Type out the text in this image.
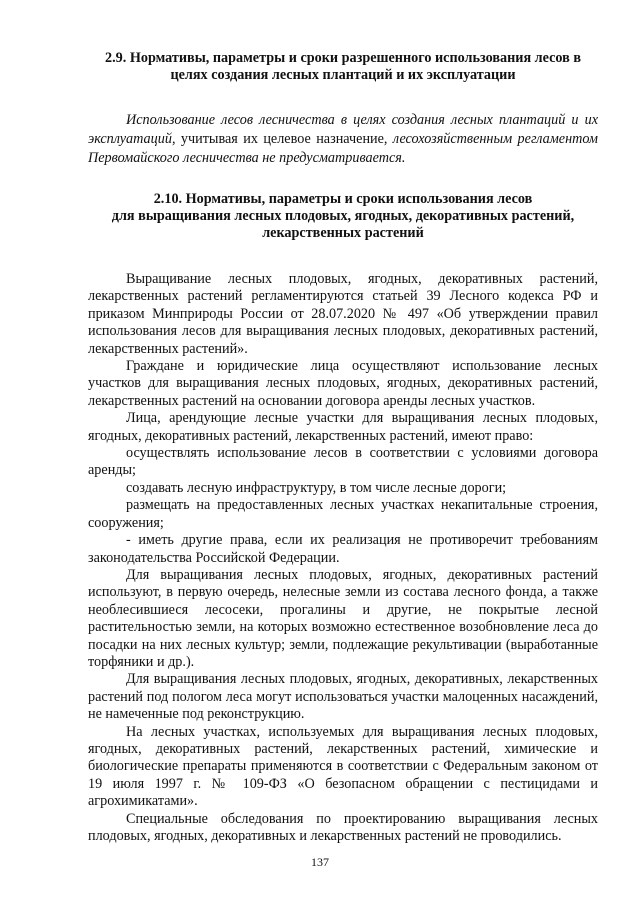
2.9. Нормативы, параметры и сроки разрешенного использования лесов в
целях создания лесных плантаций и их эксплуатации

Использование лесов лесничества в целях создания лесных плантаций и их эксплуатаций, учитывая их целевое назначение, лесохозяйственным регламентом Первомайского лесничества не предусматривается.

2.10. Нормативы, параметры и сроки использования лесов
для выращивания лесных плодовых, ягодных, декоративных растений,
лекарственных растений

Выращивание лесных плодовых, ягодных, декоративных растений, лекарственных растений регламентируются статьей 39 Лесного кодекса РФ и приказом Минприроды России от 28.07.2020 № 497 «Об утверждении правил использования лесов для выращивания лесных плодовых, декоративных растений, лекарственных растений».

Граждане и юридические лица осуществляют использование лесных участков для выращивания лесных плодовых, ягодных, декоративных растений, лекарственных растений на основании договора аренды лесных участков.

Лица, арендующие лесные участки для выращивания лесных плодовых, ягодных, декоративных растений, лекарственных растений, имеют право:

осуществлять использование лесов в соответствии с условиями договора аренды;

создавать лесную инфраструктуру, в том числе лесные дороги;

размещать на предоставленных лесных участках некапитальные строения, сооружения;

- иметь другие права, если их реализация не противоречит требованиям законодательства Российской Федерации.

Для выращивания лесных плодовых, ягодных, декоративных растений используют, в первую очередь, нелесные земли из состава лесного фонда, а также необлесившиеся лесосеки, прогалины и другие, не покрытые лесной растительностью земли, на которых возможно естественное возобновление леса до посадки на них лесных культур; земли, подлежащие рекультивации (выработанные торфяники и др.).

Для выращивания лесных плодовых, ягодных, декоративных, лекарственных растений под пологом леса могут использоваться участки малоценных насаждений, не намеченные под реконструкцию.

На лесных участках, используемых для выращивания лесных плодовых, ягодных, декоративных растений, лекарственных растений, химические и биологические препараты применяются в соответствии с Федеральным законом от 19 июля 1997 г. № 109-ФЗ «О безопасном обращении с пестицидами и агрохимикатами».

Специальные обследования по проектированию выращивания лесных плодовых, ягодных, декоративных и лекарственных растений не проводились.

137
